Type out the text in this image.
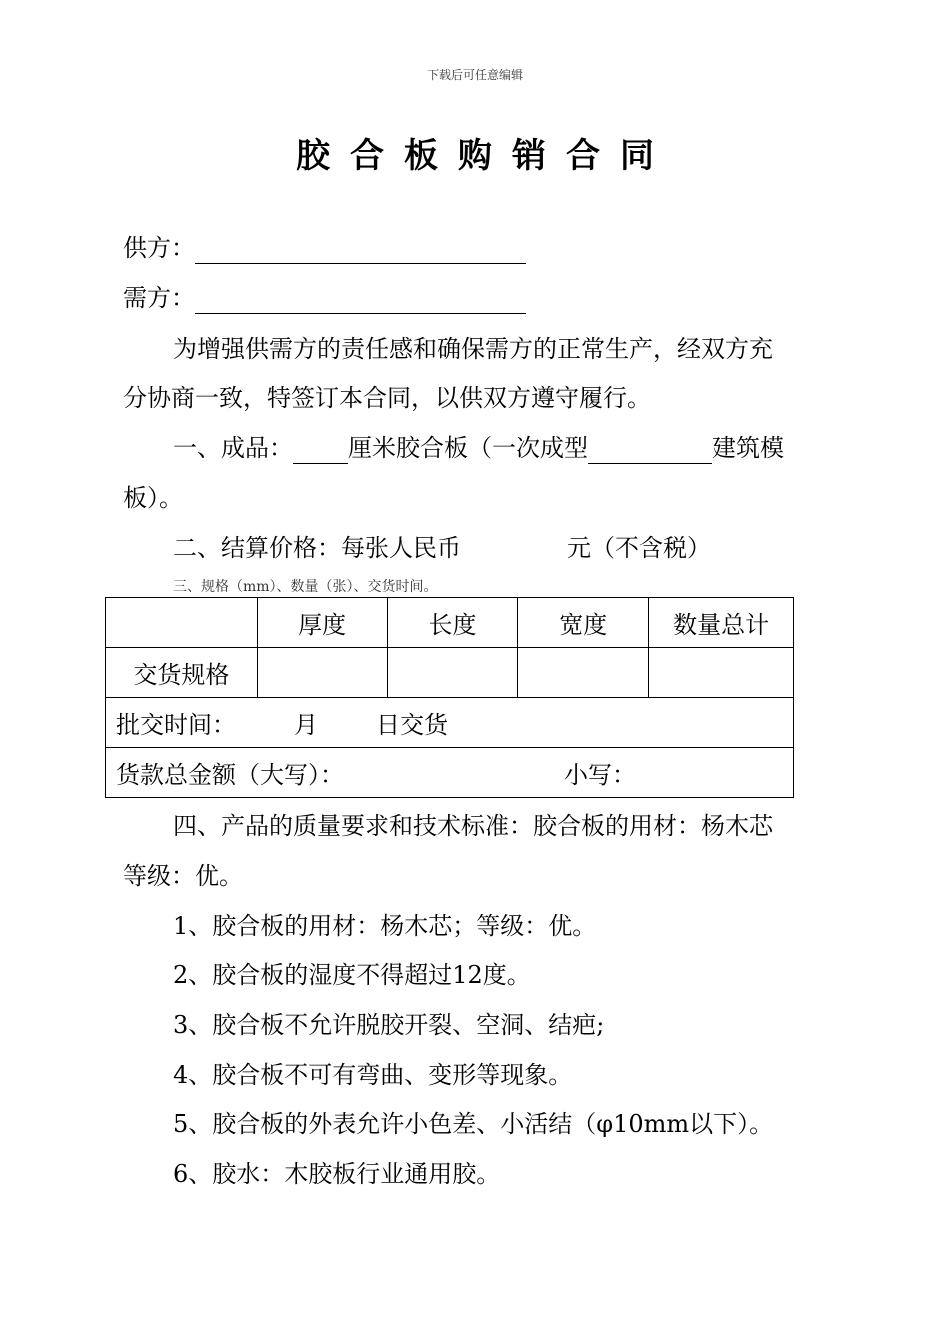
下载后可任意编辑
胶合板购销合同
供方：
需方：
为增强供需方的责任感和确保需方的正常生产，经双方充
分协商一致，特签订本合同，以供双方遵守履行。
一、成品： 厘米胶合板（一次成型	建筑模
板）。
二、结算价格：每张人民币	元（不含税）
三、规格（mm）、数量（张）、交货时间。
	厚度	长度	宽度	数量总计
交货规格				
批交时间： 月 日交货				
货款总金额（大写）： 小写：				
四、产品的质量要求和技术标准：胶合板的用材：杨木芯
等级：优。
1、胶合板的用材：杨木芯；等级：优。
2、胶合板的湿度不得超过12度。
3、胶合板不允许脱胶开裂、空洞、结疤;
4、胶合板不可有弯曲、变形等现象。
5、胶合板的外表允许小色差、小活结（φ10mm以下）。
6、胶水：木胶板行业通用胶。
